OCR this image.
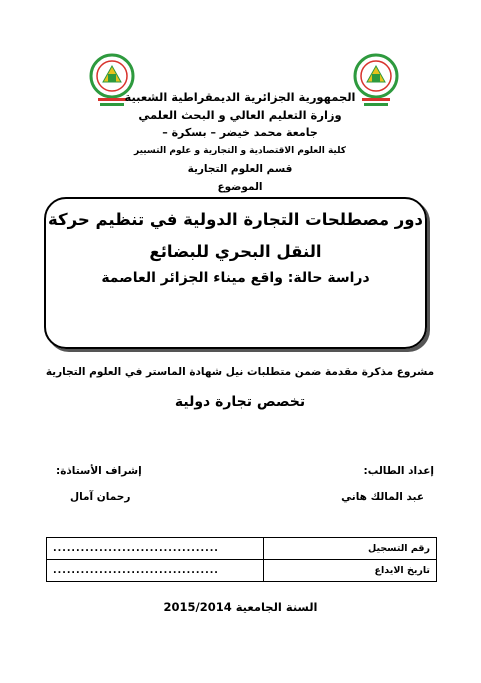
الجمهورية الجزائرية الديمقراطية الشعبية
وزارة التعليم العالي و البحث العلمي
جامعة محمد خيضر – بسكرة –
كلية العلوم الاقتصادية و التجارية و علوم التسيير
قسم العلوم التجارية
الموضوع
دور مصطلحات التجارة الدولية في تنظيم حركة
النقل البحري للبضائع
دراسة حالة: واقع ميناء الجزائر العاصمة
مشروع مذكرة مقدمة ضمن متطلبات نيل شهادة الماستر في العلوم التجارية
تخصص تجارة دولية
إعداد الطالب:
عبد المالك هاني
إشراف الأستاذة:
رحمان آمال
رقم التسجيل	....................................
تاريخ الايداع	....................................
السنة الجامعية 2015/2014
